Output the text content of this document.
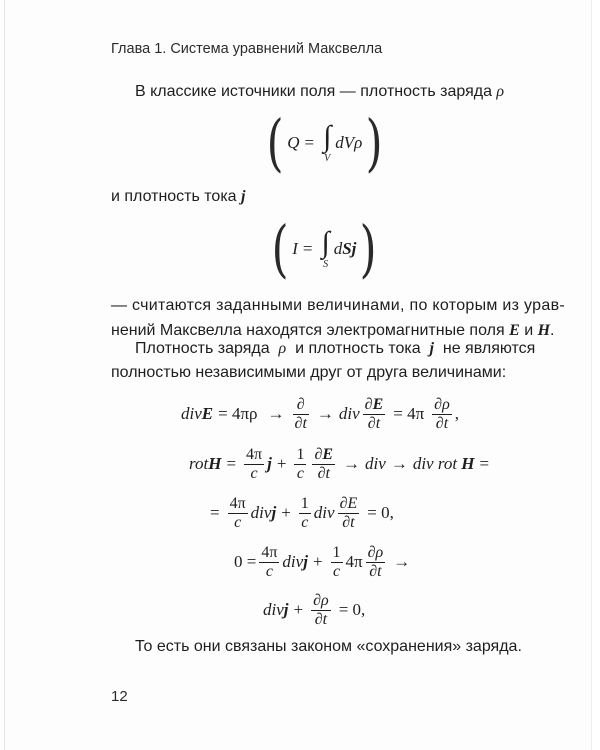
Глава 1. Система уравнений Максвелла
В классике источники поля — плотность заряда ρ
( Q = ∫
V
dVρ )
и плотность тока j
( I = ∫
S
d S j )
— считаются заданными величинами, по которым из урав-
нений Максвелла находятся электромагнитные поля E и H.
Плотность заряда ρ и плотность тока j не являются
полностью независимыми друг от друга величинами:
div $E = 4\pi\rho \to \frac{\partial}{\partial t}$ → div $\frac{\partial E}{\partial t} = 4\pi \frac{\partial\rho}{\partial t}$ ,
rot $H = \frac{4\pi}{c}$ $j + \frac{1}{c} \frac{\partial E}{\partial t}$ → div → div rot
H =
= $\frac{4\pi}{c}$ div $j + \frac{1}{c}$ div $\frac{\partial E}{\partial t} = 0$,
$0 = \frac{4\pi}{c}$ div $j + \frac{1}{c} 4\pi \frac{\partial\rho}{\partial t}$ →
div $j + \frac{\partial\rho}{\partial t} = 0$,
То есть они связаны законом «сохранения» заряда.
12
